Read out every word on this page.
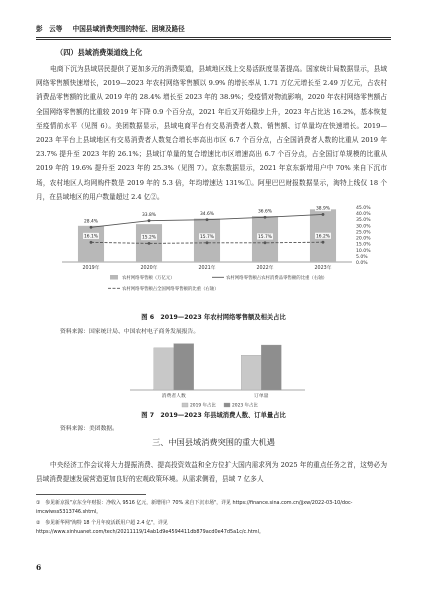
彭　云等 中国县域消费突围的特征、困境及路径
（四）县域消费渠道线上化
电商下沉为县域居民提供了更加多元的消费渠道，县域地区线上交易活跃度显著提高。国家统计局数据显示，县域网络零售额快速增长，2019—2023 年农村网络零售额以 9.9% 的增长率从 1.71 万亿元增长至 2.49 万亿元，占农村消费品零售额的比重从 2019 年的 28.4% 增长至 2023 年的 38.9%；受疫情对物流影响，2020 年农村网络零售额占全国网络零售额的比重较 2019 年下降 0.9 个百分点，2021 年后又开始稳步上升，2023 年占比达 16.2%，基本恢复至疫情前水平（见图 6）。美团数据显示，县域电商平台有交易消费者人数、销售额、订单量均在快速增长。2019—2023 年平台上县域地区有交易消费者人数复合增长率高出市区 6.7 个百分点，占全国消费者人数的比重从 2019 年 23.7% 提升至 2023 年的 26.1%；县域订单量的复合增速比市区增速高出 6.7 个百分点，占全国订单规模的比重从 2019 年的 19.6% 提升至 2023 年的 25.3%（见图 7）。京东数据显示，2021 年京东新增用户中 70% 来自下沉市场，农村地区人均网购件数是 2019 年的 5.3 倍，年均增速达 131%①。阿里巴巴财报数据显示，淘特上线仅 18 个月，在县域地区的用户数量超过 2.4 亿②。
45.0%
40.0%
35.0%
30.0%
25.0%
20.0%
15.0%
10.0%
5.0%
0.0%
2019年	2020年	2021年	2022年	2023年
28.4%
33.8%	34.6%	36.6%
38.9%
16.1%	15.2%	15.7%	15.7%	16.2%
农村网络零售额（万亿元）	农村网络零售额占农村消费品零售额的比重（右轴）
农村网络零售额占全国网络零售额的比重（右轴）
图 6　2019—2023 年农村网络零售额及相关占比
资料来源：国家统计局、中国农村电子商务发展报告。
消费者人数	订单量
2019 年占比	2023 年占比
图 7　2019—2023 年县域消费人数、订单量占比
资料来源：美团数据。
三、中国县域消费突围的重大机遇
中央经济工作会议将大力提振消费、提高投资效益和全方位扩大国内需求列为 2025 年的重点任务之首，这势必为县域消费提速发展营造更加良好的宏观政策环境。从需求侧看，县域 7 亿多人
①　参见新京报"京东全年财报：净收入 9516 亿元，新增用户 70% 来自下沉市场"，详见 https://finance.sina.com.cn/jjxw/2022-03-10/doc-imcwiwss5313746.shtml。
②　参见新华网"淘特 18 个月年度活跃用户超 2.4 亿"，详见 https://www.xinhuanet.com/tech/20211119/14ab1d9e4594411db879acd0e47d5a1c/c.html。
6
